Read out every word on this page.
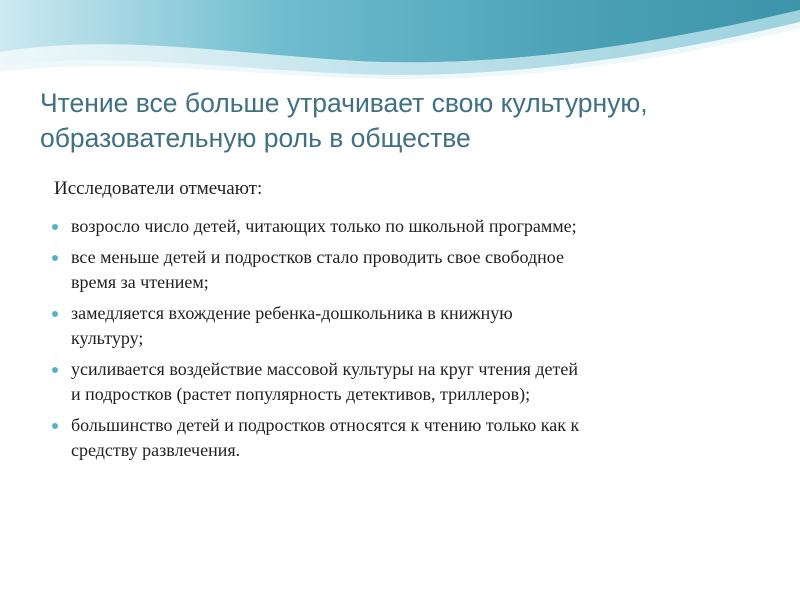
Чтение все больше утрачивает свою культурную,
образовательную роль в обществе
Исследователи отмечают:
возросло число детей, читающих только по школьной программе;
все меньше детей и подростков стало проводить свое свободное
время за чтением;
замедляется вхождение ребенка-дошкольника в книжную
культуру;
усиливается воздействие массовой культуры на круг чтения детей
и подростков (растет популярность детективов, триллеров);
большинство детей и подростков относятся к чтению только как к
средству развлечения.
